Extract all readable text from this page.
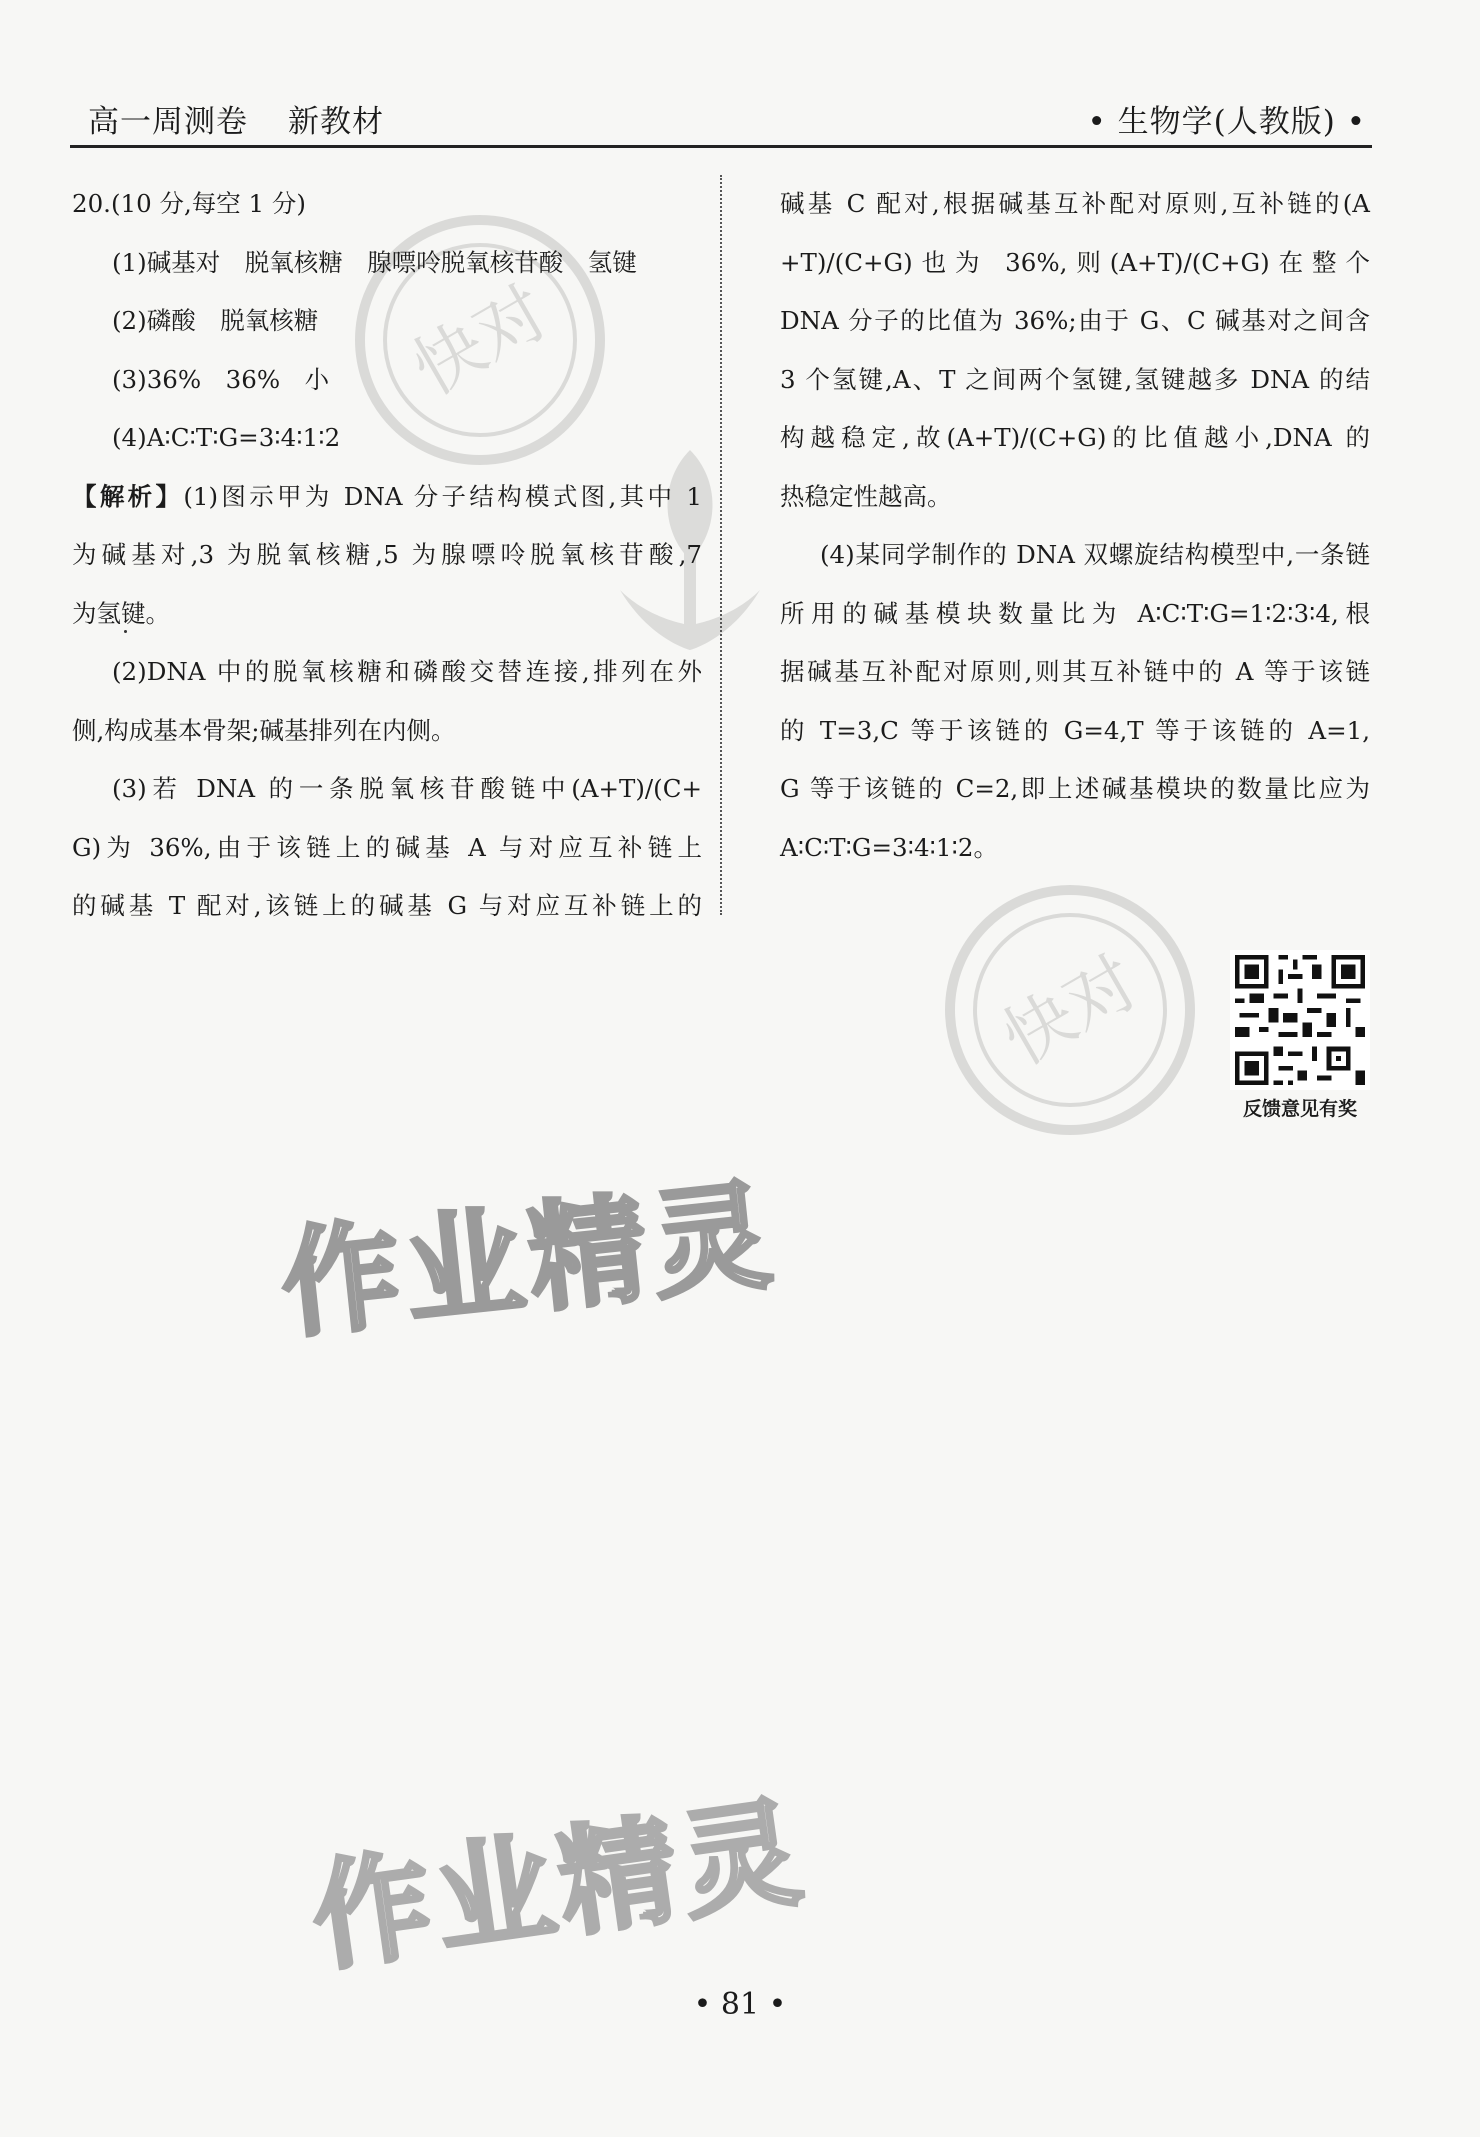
高一周测卷 新教材	• 生物学(人教版) •
快对
快对

20.(10 分,每空 1 分)

(1)碱基对　脱氧核糖　腺嘌呤脱氧核苷酸　氢键

(2)磷酸　脱氧核糖

(3)36%　36%　小

(4)A∶C∶T∶G=3∶4∶1∶2

【解析】(1)图示甲为 DNA 分子结构模式图,其中 1

为碱基对,3 为脱氧核糖,5 为腺嘌呤脱氧核苷酸,7

为氢键。

(2)DNA 中的脱氧核糖和磷酸交替连接,排列在外

侧,构成基本骨架;碱基排列在内侧。

(3)若 DNA 的一条脱氧核苷酸链中(A+T)/(C+

G)为 36%,由于该链上的碱基 A 与对应互补链上

的碱基 T 配对,该链上的碱基 G 与对应互补链上的

碱基 C 配对,根据碱基互补配对原则,互补链的(A

+T)/(C+G)也为 36%,则(A+T)/(C+G)在整个

DNA 分子的比值为 36%;由于 G、C 碱基对之间含

3 个氢键,A、T 之间两个氢键,氢键越多 DNA 的结

构越稳定,故(A+T)/(C+G)的比值越小,DNA 的

热稳定性越高。

(4)某同学制作的 DNA 双螺旋结构模型中,一条链

所用的碱基模块数量比为 A∶C∶T∶G=1∶2∶3∶4,根

据碱基互补配对原则,则其互补链中的 A 等于该链

的 T=3,C 等于该链的 G=4,T 等于该链的 A=1,

G 等于该链的 C=2,即上述碱基模块的数量比应为

A∶C∶T∶G=3∶4∶1∶2。

反馈意见有奖
作业精灵
作业精灵
• 81 •
